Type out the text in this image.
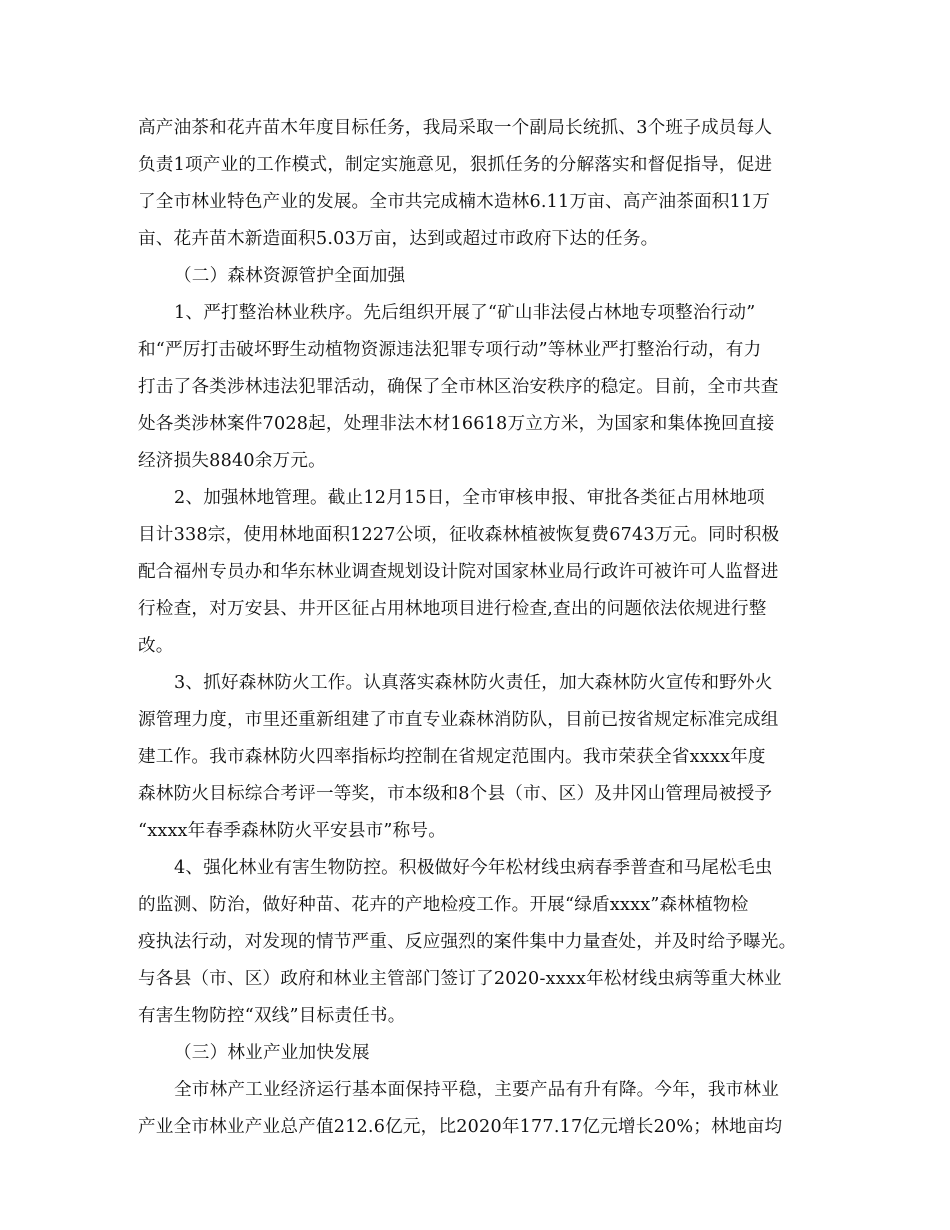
高产油茶和花卉苗木年度目标任务，我局采取一个副局长统抓、3个班子成员每人
负责1项产业的工作模式，制定实施意见，狠抓任务的分解落实和督促指导，促进
了全市林业特色产业的发展。全市共完成楠木造林6.11万亩、高产油茶面积11万
亩、花卉苗木新造面积5.03万亩，达到或超过市政府下达的任务。
（二）森林资源管护全面加强
1、严打整治林业秩序。先后组织开展了“矿山非法侵占林地专项整治行动”
和“严厉打击破坏野生动植物资源违法犯罪专项行动”等林业严打整治行动，有力
打击了各类涉林违法犯罪活动，确保了全市林区治安秩序的稳定。目前，全市共查
处各类涉林案件7028起，处理非法木材16618万立方米，为国家和集体挽回直接
经济损失8840余万元。
2、加强林地管理。截止12月15日，全市审核申报、审批各类征占用林地项
目计338宗，使用林地面积1227公顷，征收森林植被恢复费6743万元。同时积极
配合福州专员办和华东林业调查规划设计院对国家林业局行政许可被许可人监督进
行检查，对万安县、井开区征占用林地项目进行检查,查出的问题依法依规进行整
改。
3、抓好森林防火工作。认真落实森林防火责任，加大森林防火宣传和野外火
源管理力度，市里还重新组建了市直专业森林消防队，目前已按省规定标准完成组
建工作。我市森林防火四率指标均控制在省规定范围内。我市荣获全省xxxx年度
森林防火目标综合考评一等奖，市本级和8个县（市、区）及井冈山管理局被授予
“xxxx年春季森林防火平安县市”称号。
4、强化林业有害生物防控。积极做好今年松材线虫病春季普查和马尾松毛虫
的监测、防治，做好种苗、花卉的产地检疫工作。开展“绿盾xxxx”森林植物检
疫执法行动，对发现的情节严重、反应强烈的案件集中力量查处，并及时给予曝光。
与各县（市、区）政府和林业主管部门签订了2020-xxxx年松材线虫病等重大林业
有害生物防控“双线”目标责任书。
（三）林业产业加快发展
全市林产工业经济运行基本面保持平稳，主要产品有升有降。今年，我市林业
产业全市林业产业总产值212.6亿元，比2020年177.17亿元增长20%；林地亩均
